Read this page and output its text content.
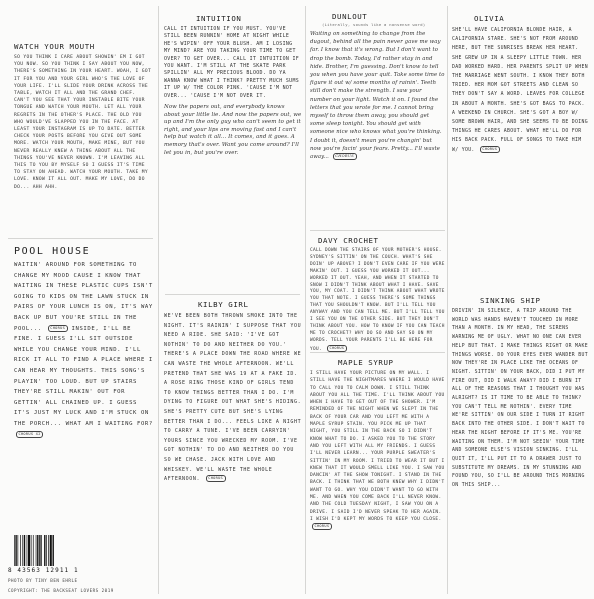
WATCH YOUR MOUTH

SO YOU THINK I CARE ABOUT SHOWIN' EM I GOT YOU NOW. SO YOU THINK I SAY ABOUT YOU NOW, THERE'S SOMETHING IN YOUR HEART. WOAH, I GOT IT FOR YOU AND YOUR GIRL WHO'S THE LOVE OF YOUR LIFE. I'LL SLIDE YOUR DRINK ACROSS THE TABLE, WATCH IT ALL AND THE GRAND CHEF. CAN'T YOU SEE THAT YOUR INSTABLE BITE YOUR TONGUE AND WATCH YOUR MOUTH. LET ALL YOUR REGRETS IN THE OTHER'S PLACE. THE OLD YOU WHO WOULD'VE SLAPPED YOU IN THE FACE. AT LEAST YOUR INSTAGRAM IS UP TO DATE. BETTER CHECK YOUR POSTS BEFORE YOU GIVE OUT SOME MORE. WATCH YOUR MOUTH, MAKE MINE, BUT YOU NEVER REALLY KNEW A THING ABOUT ALL THE THINGS YOU'VE NEVER KNOWN. I'M LEAVING ALL THIS TO YOU BY MYSELF SO I GUESS IT'S TIME TO STAY ON AHEAD. WATCH YOUR MOUTH. TAKE MY LOVE. KNOW IT ALL OUT. MAKE MY LOVE, DO DO DO... AHH AHH.

POOL HOUSE

WAITIN' AROUND FOR SOMETHING TO CHANGE MY MOOD CAUSE I KNOW THAT WAITING IN THESE PLASTIC CUPS ISN'T GOING TO KIDS ON THE LAWN STUCK IN PAIRS OF YOUR LUNCH IS ON, IT'S WAY BACK UP BUT YOU'RE STILL IN THE POOL... CHORUS INSIDE, I'LL BE FINE. I GUESS I'LL SIT OUTSIDE WHILE YOU CHANGE YOUR MIND. I'LL RICK IT ALL TO FIND A PLACE WHERE I CAN HEAR MY THOUGHTS. THIS SONG'S PLAYIN' TOO LOUD. BUT UP STAIRS THEY'RE STILL MAKIN' OUT FOR GETTIN' ALL CHAINED UP. I GUESS IT'S JUST MY LUCK AND I'M STUCK ON THE PORCH... WHAT AM I WAITING FOR? CHORUS X2

INTUITION

CALL IT INTUITION IF YOU MUST. YOU'VE STILL BEEN RUNNIN' HOME AT NIGHT WHILE HE'S WIPIN' OFF YOUR BLUSH. AM I LOSING MY MIND? ARE YOU TAKING YOUR TIME TO GET OVER? TO GET OVER... CALL IT INTUITION IF YOU WANT. I'M STILL AT THE SKATE PARK SPILLIN' ALL MY PRECIOUS BLOOD. DO YA WANNA KNOW WHAT I THINK? PRETTY MUCH SUMS IT UP W/ THE COLOR PINK. 'CAUSE I'M NOT OVER... 'CAUSE I'M NOT OVER IT.

Now the papers out, and everybody knows about your little lie. And now the papers out, we up and I'm the only guy who can't seem to get it right, and your lips are moving fast and I can't help but watch it all... It comes, and it goes. A memory that's over. Want you come around? I'll let you in, but you're over.

KILBY GIRL

WE'VE BEEN BOTH THROWN SMOKE INTO THE NIGHT. IT'S RAININ' I SUPPOSE THAT YOU NEED A RIDE. SHE SAID: 'I'VE GOT NOTHIN' TO DO AND NEITHER DO YOU.' THERE'S A PLACE DOWN THE ROAD WHERE WE CAN WASTE THE WHOLE AFTERNOON. WE'LL PRETEND THAT SHE WAS 19 AT A FAKE ID. A ROSE RING THOSE KIND OF GIRLS TEND TO KNOW THINGS BETTER THAN I DO. I'M DYING TO FIGURE OUT WHAT SHE'S HIDING. SHE'S PRETTY CUTE BUT SHE'S LYING BETTER THAN I DO... FEELS LIKE A NIGHT TO CARRY A TUNE. I'VE BEEN CARRYIN' YOURS SINCE YOU WRECKED MY ROOM. I'VE GOT NOTHIN' TO DO AND NEITHER DO YOU SO WE CHASE. JACK WITH LOVE AND WHISKEY. WE'LL WASTE THE WHOLE AFTERNOON. CHORUS

DUNLOUT
(Literally, sounds like a nonsense word)

Waiting on something to change from the dugout, behind all the pain never gave me way far. I know that it's wrong. But I don't want to drop the bomb. Today, I'd rather stay in and hide. Brother, I'm guessing. Don't know to tell you when you have your quit. Take some time to figure it out w/ some months of rainin'. Teeth still don't make the strength. I saw your number on your light. Watch it on. I found the letters that you wrote for me. I cannot bring myself to throw them away, you should get some sleep tonight. You should get with someone nice who knows what you're thinking. I doubt it, doesn't mean you're changin' but now you're facin' your fears. Pretty... I'll waste away... CHORUS

DAVY CROCHET

CALL DOWN THE STAIRS OF YOUR MOTHER'S HOUSE. SYDNEY'S SITTIN' ON THE COUCH. WHAT'S SHE DOIN' UP ABOVE? I DON'T EVEN CARE IF YOU WERE MAKIN' OUT. I GUESS YOU WORKED IT OUT... WORKED IT OUT. YEAH, AND WHEN IT STARTED TO SNOW I DIDN'T THINK ABOUT WHAT I HAVE. SAVE YOU, MY COAT. I DIDN'T THINK ABOUT WHAT WROTE YOU THAT NOTE. I GUESS THERE'S SOME THINGS THAT YOU SHOULDN'T KNOW. BUT I'LL TELL YOU ANYWAY AND YOU CAN TELL ME. BUT I'LL TELL YOU I SEE YOU ON THE OTHER SIDE. BUT THEY DON'T THINK ABOUT YOU. HOW TO KNOW IF YOU CAN TEACH ME TO CROCHET? WHY DO SO AND SAY SO ON MY WORDS. TELL YOUR PARENTS I'LL BE HERE FOR YOU. CHORUS

MAPLE SYRUP

I STILL HAVE YOUR PICTURE ON MY WALL. I STILL HAVE THE NIGHTMARES WHERE I WOULD HAVE TO CALL YOU TO CALM DOWN. I STILL THINK ABOUT YOU ALL THE TIME. I'LL THINK ABOUT YOU WHEN I HAVE TO GET OUT OF THE SHOWER. I'M REMINDED OF THE NIGHT WHEN WE SLEPT IN THE BACK OF YOUR CAR AND YOU LEFT ME WITH A MAPLE SYRUP STAIN. YOU PICK ME UP THAT NIGHT, YOU STILL IN THE BACK SO I DIDN'T KNOW WHAT TO DO. I ASKED YOU TO THE STORY AND YOU LEFT WITH ALL MY FRIENDS. I GUESS I'LL NEVER LEARN... YOUR PURPLE SWEATER'S SITTIN' IN MY ROOM. I TRIED TO WEAR IT BUT I KNEW THAT IT WOULD SMELL LIKE YOU. I SAW YOU DANCIN' AT THE SHOW TONIGHT. I STAND IN THE BACK. I THINK THAT WE BOTH KNEW WHY I DIDN'T WANT TO GO. WHY YOU DIDN'T WANT TO GO WITH ME. AND WHEN YOU COME BACK I'LL NEVER KNOW. AND THE COLD TUESDAY NIGHT, I SAW YOU ON A DRIVE. I SAID I'D NEVER SPEAK TO HER AGAIN. I WISH I'D KEPT MY WORDS TO KEEP YOU CLOSE. CHORUS

OLIVIA

SHE'LL HAVE CALIFORNIA BLONDE HAIR, A CALIFORNIA STARE. SHE'S NOT FROM AROUND HERE, BUT THE SUNRISES BREAK HER HEART. SHE GREW UP IN A SLEEPY LITTLE TOWN. HER DAD WORKED HARD. HER PARENTS SPLIT UP WHEN THE MARRIAGE WENT SOUTH. I KNOW THEY BOTH TRIED. HER MOM GOT STREETS AND CLEAN SO THEY DON'T SAY A WORD. LEAVES FOR COLLEGE IN ABOUT A MONTH. SHE'S GOT BAGS TO PACK. A WEEKEND IN CHURCH. SHE'S GOT A BOY W/ SOME BROWN HAIR, AND SHE SEEMS TO BE DOING THINGS HE CARES ABOUT. WHAT HE'LL DO FOR HIS BACK PACK. FULL OF SONGS TO TAKE HIM W/ YOU. CHORUS

SINKING SHIP

DRIVIN' IN SILENCE, A TRIP AROUND THE WORLD WAS HANDS HAVEN'T TOUCHED IN MORE THAN A MONTH. IN MY HEAD, THE SIRENS WARNING ME OF UGLY. WHAT NO ONE CAN EVER HELP BUT THAT. I MAKE THINGS RIGHT OR MAKE THINGS WORSE. DO YOUR EYES EVER WANDER BUT NOW THEY'RE IN PLACE LIKE THE OCEANS OF NIGHT. SITTIN' ON YOUR BACK, DID I PUT MY FIRE OUT, DID I WALK AWAY? DID I BURN IT ALL OF THE REASONS THAT I THOUGHT YOU WAS ALRIGHT? IS IT TIME TO BE ABLE TO THINK? YOU CAN'T TELL ME NOTHIN'. EVERY TIME WE'RE SITTIN' ON OUR SIDE I TURN IT RIGHT BACK INTO THE OTHER SIDE. I DON'T WAIT TO HEAR THE NIGHT BEFORE IF IT'S ME. YOU'RE WAITING ON THEM. I'M NOT SEEIN' YOUR TIME AND SOMEONE ELSE'S VISION SINKING. I'LL QUIT IT, I'LL PUT IT TO A DRAWER JUST TO SUBSTITUTE MY DREAMS. IN MY STUNNING AND FOUND YOU, SO I'LL BE AROUND THIS MORNING ON THIS SHIP...

8 43563 12911 1
PHOTO BY TINY BEN EHRLE
COPYRIGHT: THE BACKSEAT LOVERS 2019
